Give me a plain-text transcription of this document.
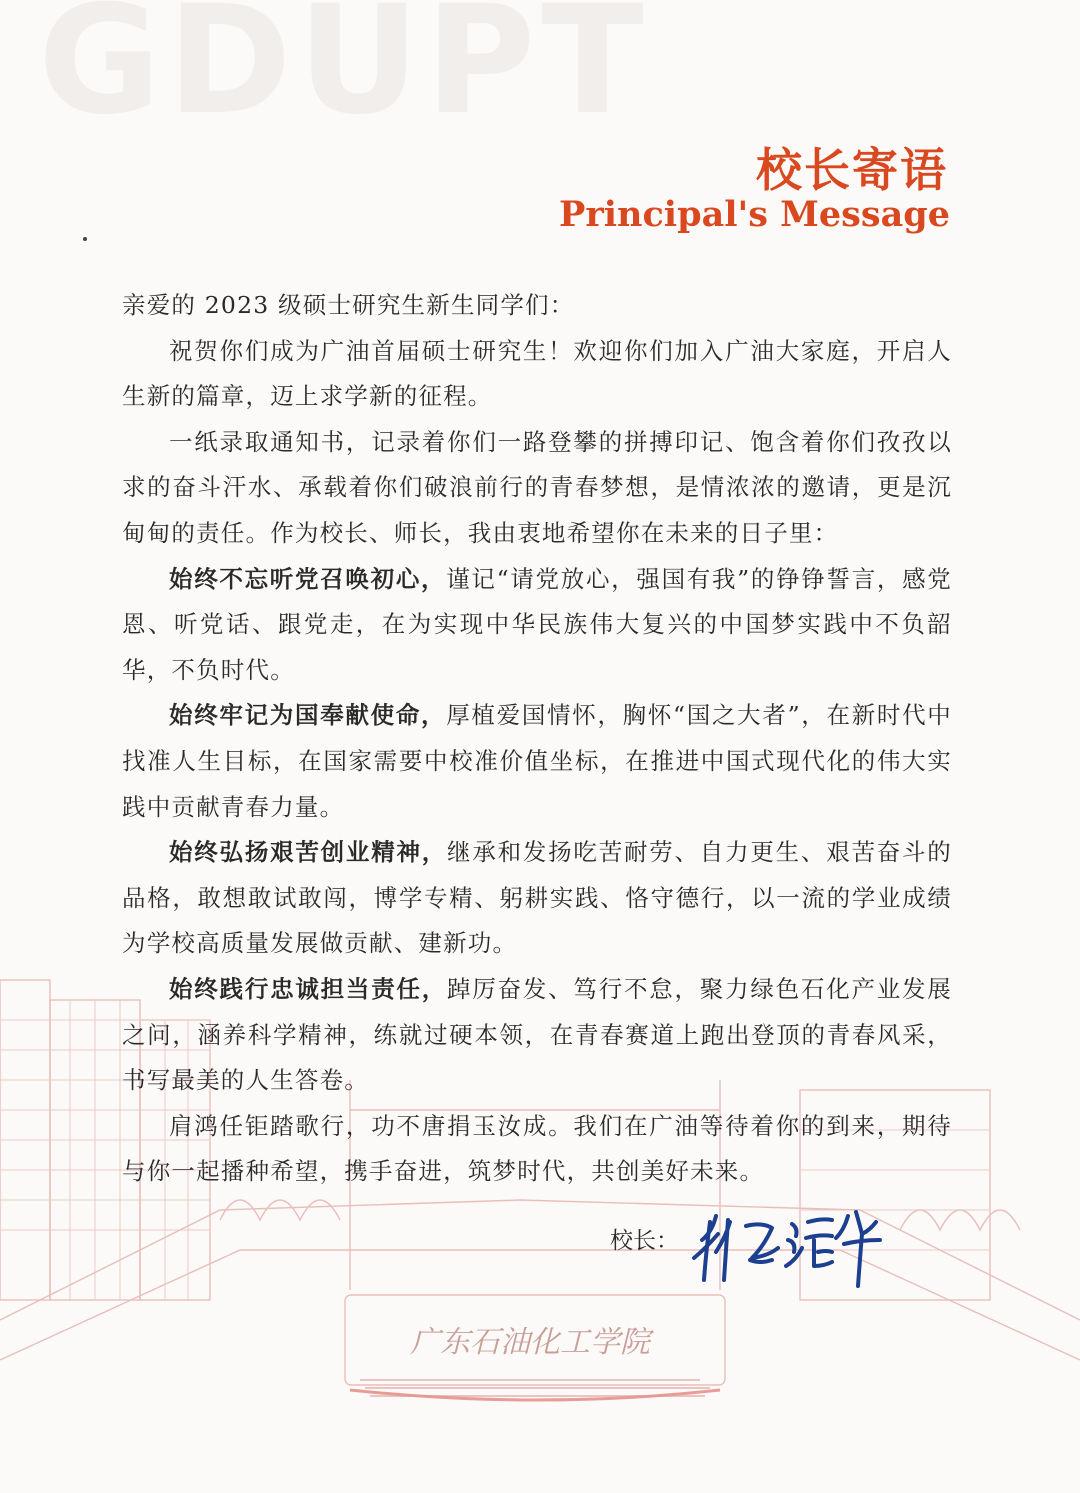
GDUPT
校长寄语
Principal's Message
广东石油化工学院

亲爱的 2023 级硕士研究生新生同学们：

祝贺你们成为广油首届硕士研究生！欢迎你们加入广油大家庭，开启人生新的篇章，迈上求学新的征程。

一纸录取通知书，记录着你们一路登攀的拼搏印记、饱含着你们孜孜以求的奋斗汗水、承载着你们破浪前行的青春梦想，是情浓浓的邀请，更是沉甸甸的责任。作为校长、师长，我由衷地希望你在未来的日子里：

始终不忘听党召唤初心，谨记“请党放心，强国有我”的铮铮誓言，感党恩、听党话、跟党走，在为实现中华民族伟大复兴的中国梦实践中不负韶华，不负时代。

始终牢记为国奉献使命，厚植爱国情怀，胸怀“国之大者”，在新时代中找准人生目标，在国家需要中校准价值坐标，在推进中国式现代化的伟大实践中贡献青春力量。

始终弘扬艰苦创业精神，继承和发扬吃苦耐劳、自力更生、艰苦奋斗的品格，敢想敢试敢闯，博学专精、躬耕实践、恪守德行，以一流的学业成绩为学校高质量发展做贡献、建新功。

始终践行忠诚担当责任，踔厉奋发、笃行不怠，聚力绿色石化产业发展之问，涵养科学精神，练就过硬本领，在青春赛道上跑出登顶的青春风采，书写最美的人生答卷。

肩鸿任钜踏歌行，功不唐捐玉汝成。我们在广油等待着你的到来，期待与你一起播种希望，携手奋进，筑梦时代，共创美好未来。

校长：
林清华
